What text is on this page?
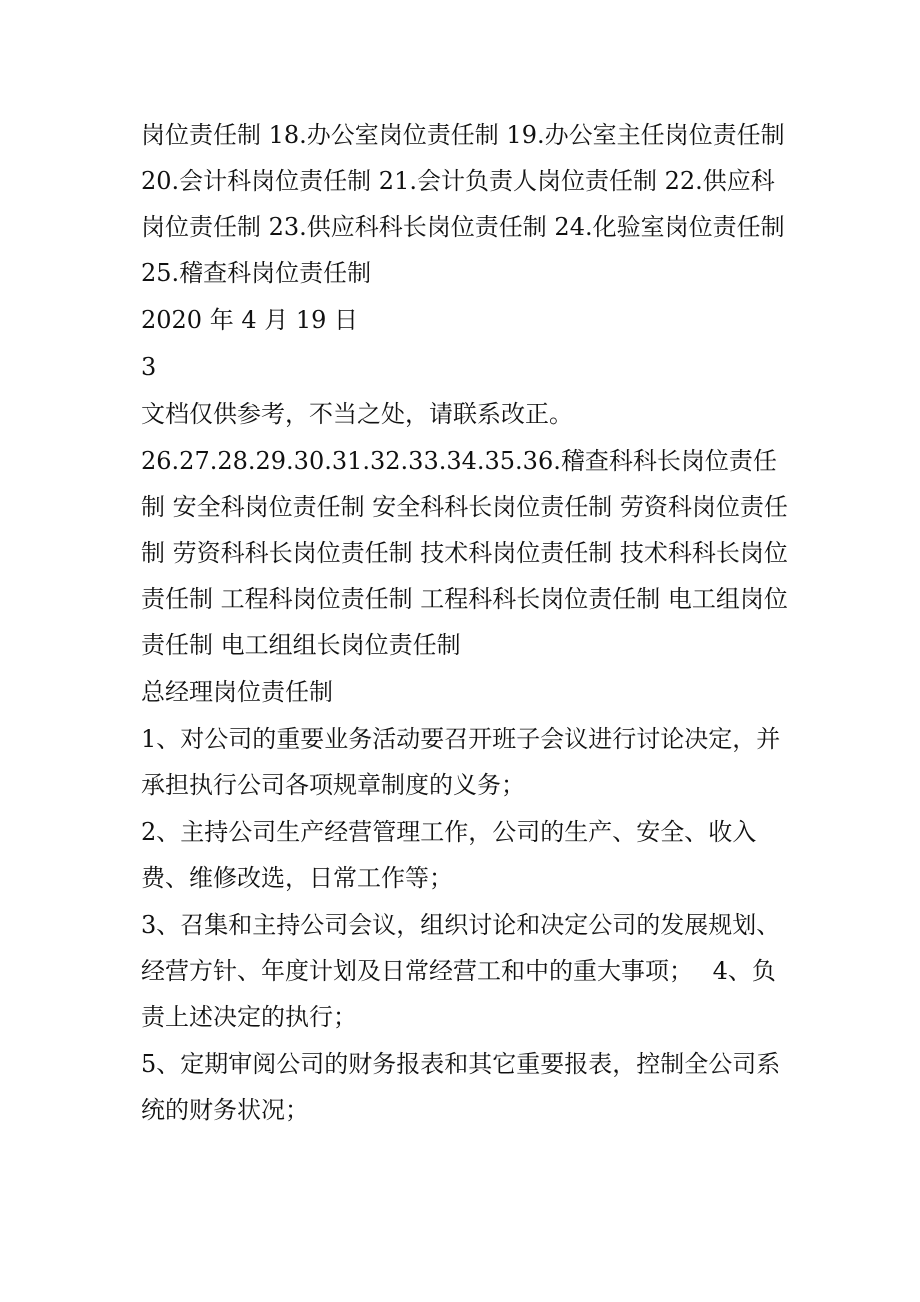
岗位责任制 18.办公室岗位责任制 19.办公室主任岗位责任制 20.会计科岗位责任制 21.会计负责人岗位责任制 22.供应科岗位责任制 23.供应科科长岗位责任制 24.化验室岗位责任制 25.稽查科岗位责任制

2020 年 4 月 19 日

3

文档仅供参考，不当之处，请联系改正。

26.27.28.29.30.31.32.33.34.35.36.稽查科科长岗位责任制 安全科岗位责任制 安全科科长岗位责任制 劳资科岗位责任制 劳资科科长岗位责任制 技术科岗位责任制 技术科科长岗位责任制 工程科岗位责任制 工程科科长岗位责任制 电工组岗位责任制 电工组组长岗位责任制

总经理岗位责任制

1、对公司的重要业务活动要召开班子会议进行讨论决定，并承担执行公司各项规章制度的义务；

2、主持公司生产经营管理工作，公司的生产、安全、收入费、维修改选，日常工作等；

3、召集和主持公司会议，组织讨论和决定公司的发展规划、经营方针、年度计划及日常经营工和中的重大事项；　 4、负责上述决定的执行；

5、定期审阅公司的财务报表和其它重要报表，控制全公司系统的财务状况；
